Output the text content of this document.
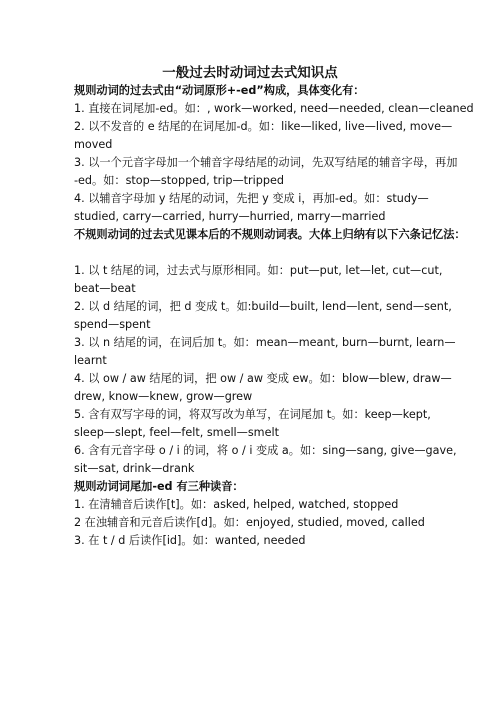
一般过去时动词过去式知识点
规则动词的过去式由“动词原形+-ed”构成，具体变化有：
1. 直接在词尾加-ed。如：, work—worked, need—needed, clean—cleaned
2. 以不发音的 e 结尾的在词尾加-d。如：like—liked, live—lived, move—
moved
3. 以一个元音字母加一个辅音字母结尾的动词，先双写结尾的辅音字母，再加
-ed。如：stop—stopped, trip—tripped
4. 以辅音字母加 y 结尾的动词，先把 y 变成 i，再加-ed。如：study—
studied, carry—carried, hurry—hurried, marry—married
不规则动词的过去式见课本后的不规则动词表。大体上归纳有以下六条记忆法：
1. 以 t 结尾的词，过去式与原形相同。如：put—put, let—let, cut—cut,
beat—beat
2. 以 d 结尾的词，把 d 变成 t。如:build—built, lend—lent, send—sent,
spend—spent
3. 以 n 结尾的词，在词后加 t。如：mean—meant, burn—burnt, learn—
learnt
4. 以 ow / aw 结尾的词，把 ow / aw 变成 ew。如：blow—blew, draw—
drew, know—knew, grow—grew
5. 含有双写字母的词，将双写改为单写，在词尾加 t。如：keep—kept,
sleep—slept, feel—felt, smell—smelt
6. 含有元音字母 o / i 的词，将 o / i 变成 a。如：sing—sang, give—gave,
sit—sat, drink—drank
规则动词词尾加-ed 有三种读音：
1. 在清辅音后读作[t]。如：asked, helped, watched, stopped
2 在浊辅音和元音后读作[d]。如：enjoyed, studied, moved, called
3. 在 t / d 后读作[id]。如：wanted, needed
